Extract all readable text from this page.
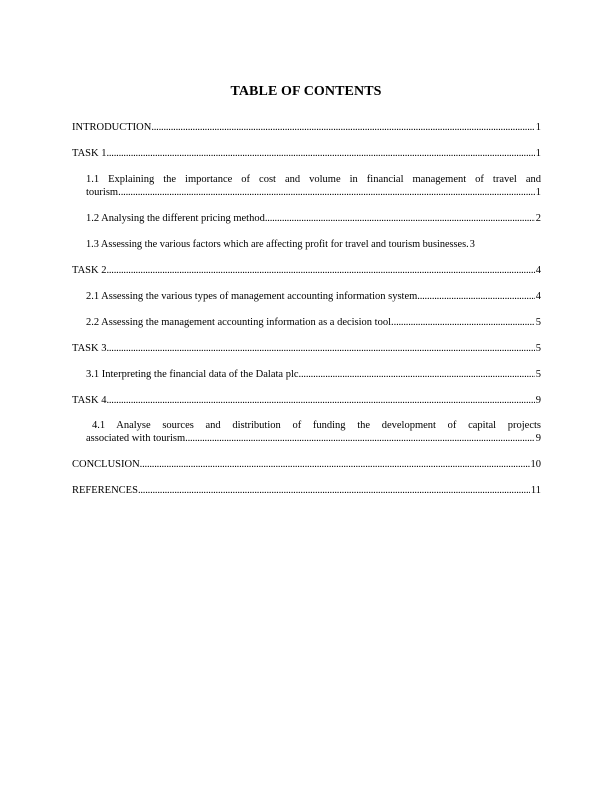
TABLE OF CONTENTS
INTRODUCTION .....	1
TASK 1 .....	1
1.1 Explaining the importance of cost and volume in financial management of travel and
tourism. .....	1
1.2 Analysing the different pricing method .....	2
1.3 Assessing the various factors which are affecting profit for travel and tourism businesses. 3
TASK 2 .....	4
2.1 Assessing the various types of management accounting information system .....	4
2.2 Assessing the management accounting information as a decision tool. .....	5
TASK 3 .....	5
3.1 Interpreting the financial data of the Dalata plc .....	5
TASK 4 .....	9
4.1 Analyse sources and distribution of funding the development of capital projects
associated with tourism .....	9
CONCLUSION .....	10
REFERENCES .....	11
